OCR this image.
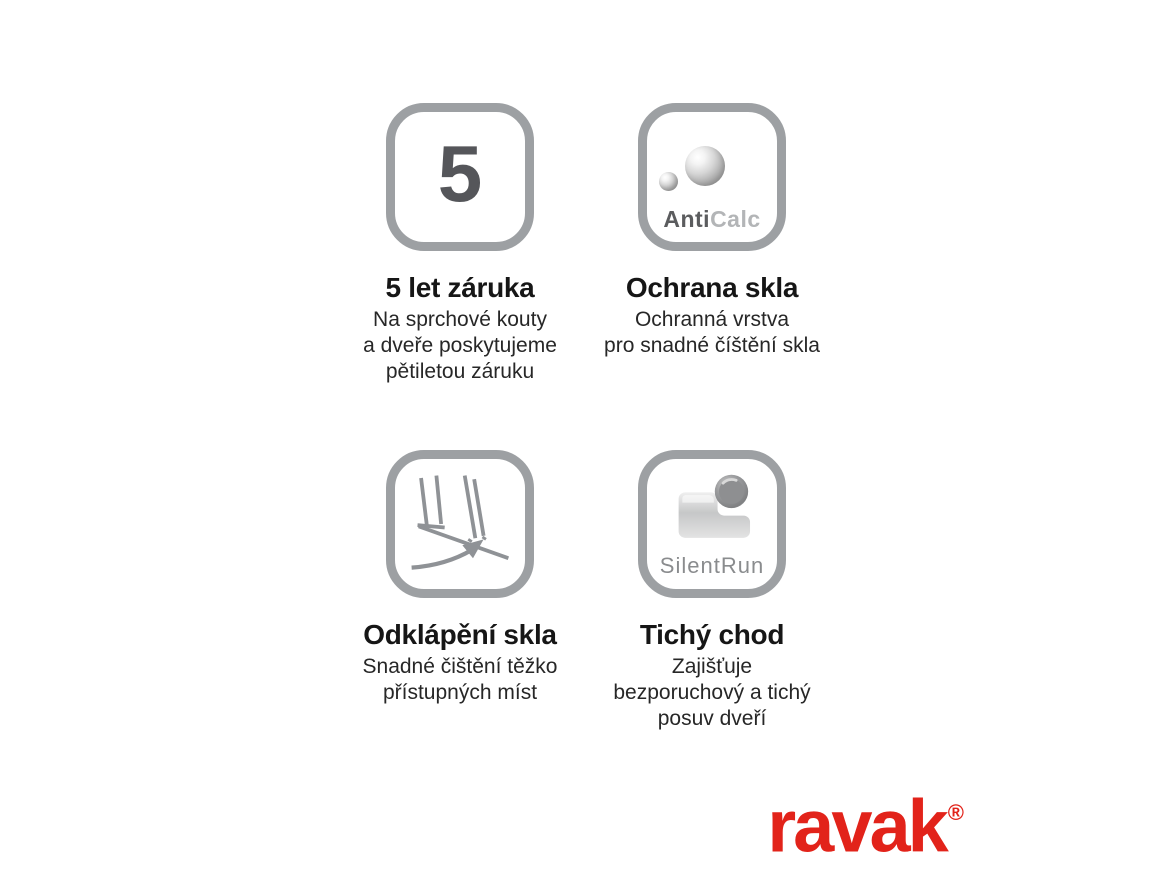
5
5 let záruka
Na sprchové kouty
a dveře poskytujeme
pětiletou záruku
AntiCalc
Ochrana skla
Ochranná vrstva
pro snadné číštění skla
Odklápění skla
Snadné čištění těžko
přístupných míst
SilentRun
Tichý chod
Zajišťuje
bezporuchový a tichý
posuv dveří
ravak®
